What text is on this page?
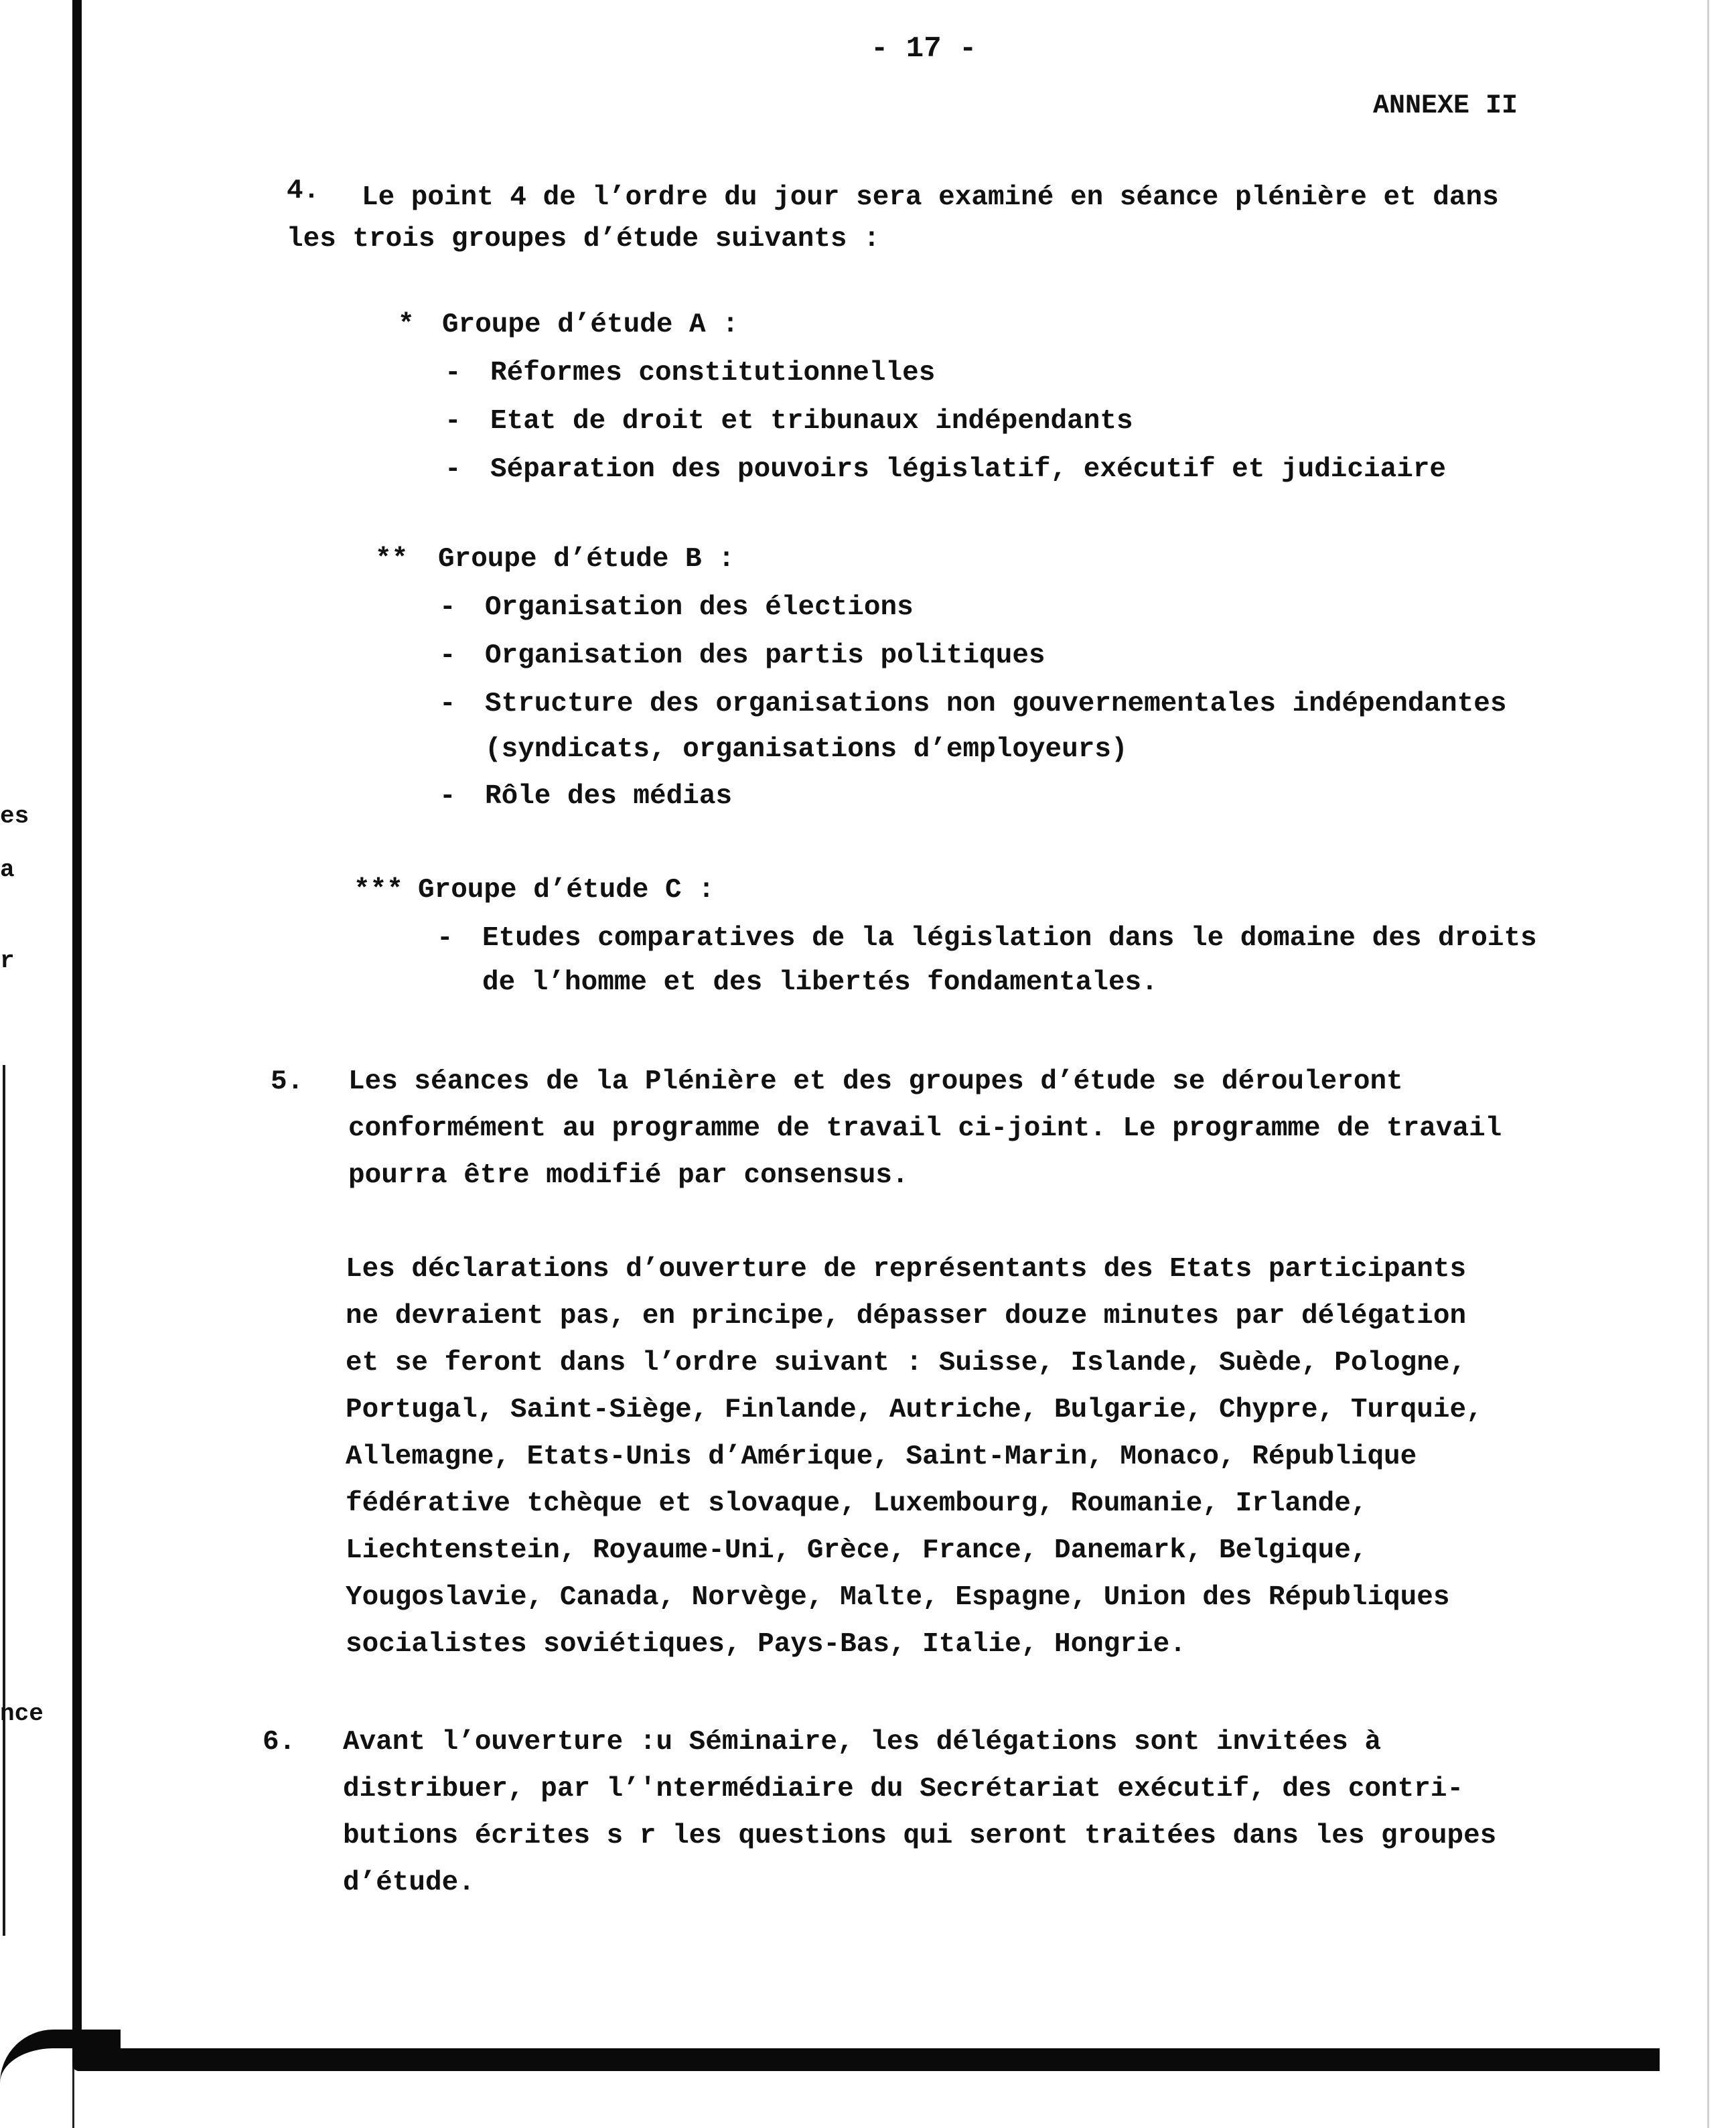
es
a
r
nce
- 17 -
ANNEXE II
4. Le point 4 de l’ordre du jour sera examiné en séance plénière et dans
les trois groupes d’étude suivants :
* Groupe d’étude A :
- Réformes constitutionnelles
- Etat de droit et tribunaux indépendants
- Séparation des pouvoirs législatif, exécutif et judiciaire
** Groupe d’étude B :
- Organisation des élections
- Organisation des partis politiques
- Structure des organisations non gouvernementales indépendantes
(syndicats, organisations d’employeurs)
- Rôle des médias
*** Groupe d’étude C :
- Etudes comparatives de la législation dans le domaine des droits
de l’homme et des libertés fondamentales.
5. Les séances de la Plénière et des groupes d’étude se dérouleront
conformément au programme de travail ci-joint. Le programme de travail
pourra être modifié par consensus.
Les déclarations d’ouverture de représentants des Etats participants
ne devraient pas, en principe, dépasser douze minutes par délégation
et se feront dans l’ordre suivant : Suisse, Islande, Suède, Pologne,
Portugal, Saint-Siège, Finlande, Autriche, Bulgarie, Chypre, Turquie,
Allemagne, Etats-Unis d’Amérique, Saint-Marin, Monaco, République
fédérative tchèque et slovaque, Luxembourg, Roumanie, Irlande,
Liechtenstein, Royaume-Uni, Grèce, France, Danemark, Belgique,
Yougoslavie, Canada, Norvège, Malte, Espagne, Union des Républiques
socialistes soviétiques, Pays-Bas, Italie, Hongrie.
6. Avant l’ouverture :u Séminaire, les délégations sont invitées à
distribuer, par l’'ntermédiaire du Secrétariat exécutif, des contri-
butions écrites s r les questions qui seront traitées dans les groupes
d’étude.
